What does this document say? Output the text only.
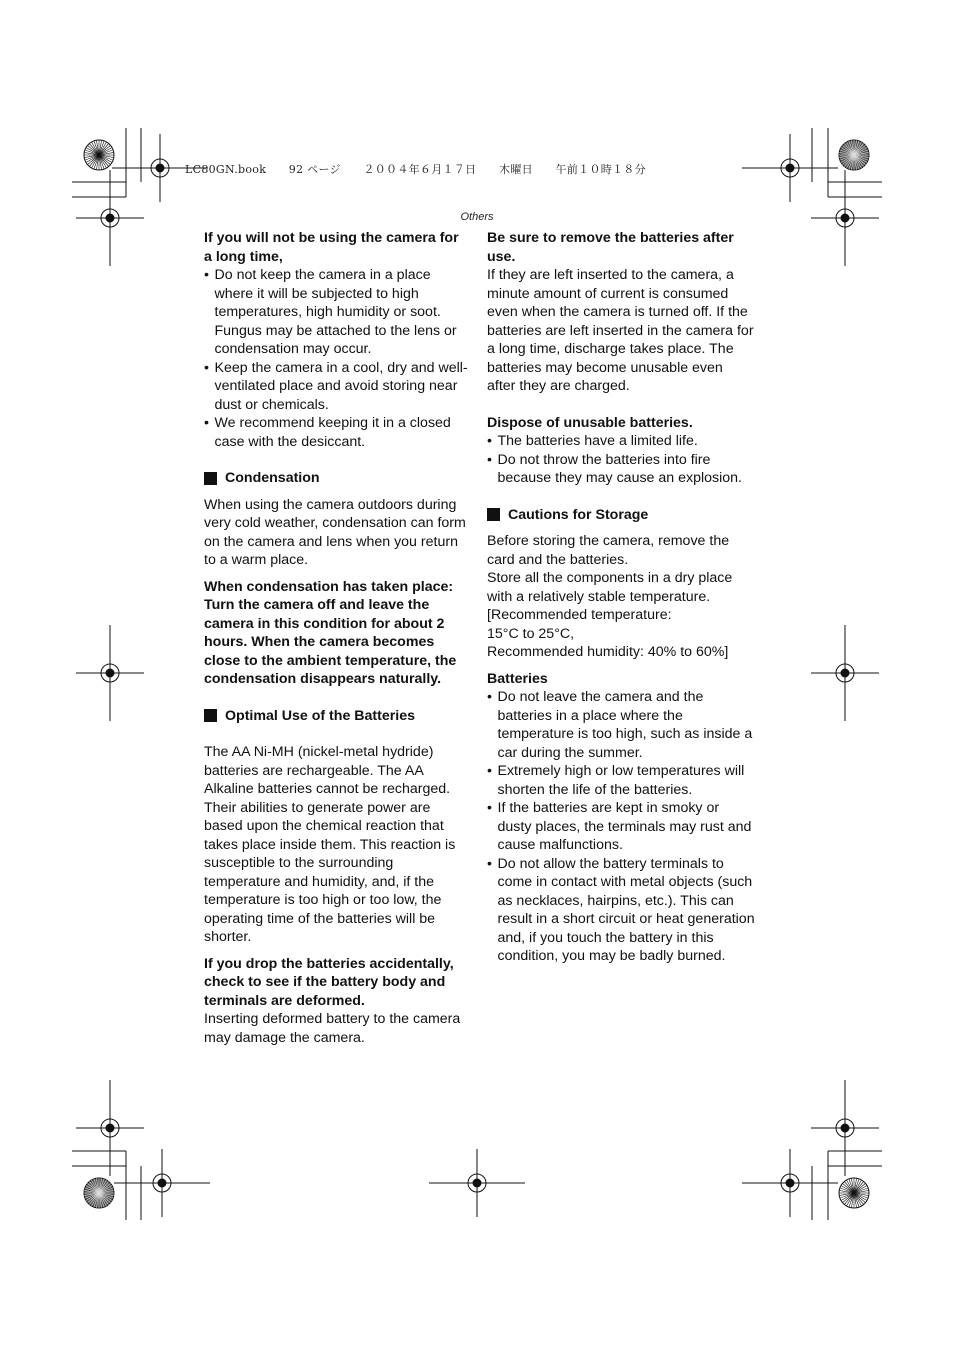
LC80GN.book　　92 ページ　　２００４年６月１７日　　木曜日　　午前１０時１８分
Others

If you will not be using the camera for a long time,

• Do not keep the camera in a place where it will be subjected to high temperatures, high humidity or soot. Fungus may be attached to the lens or condensation may occur.
• Keep the camera in a cool, dry and well-ventilated place and avoid storing near dust or chemicals.
• We recommend keeping it in a closed case with the desiccant.
Condensation

When using the camera outdoors during very cold weather, condensation can form on the camera and lens when you return to a warm place.

When condensation has taken place: Turn the camera off and leave the camera in this condition for about 2 hours. When the camera becomes close to the ambient temperature, the condensation disappears naturally.

Optimal Use of the Batteries

The AA Ni-MH (nickel-metal hydride) batteries are rechargeable. The AA Alkaline batteries cannot be recharged.

Their abilities to generate power are based upon the chemical reaction that takes place inside them. This reaction is susceptible to the surrounding temperature and humidity, and, if the temperature is too high or too low, the operating time of the batteries will be shorter.

If you drop the batteries accidentally, check to see if the battery body and terminals are deformed.

Inserting deformed battery to the camera may damage the camera.

Be sure to remove the batteries after use.

If they are left inserted to the camera, a minute amount of current is consumed even when the camera is turned off. If the batteries are left inserted in the camera for a long time, discharge takes place. The batteries may become unusable even after they are charged.

Dispose of unusable batteries.

• The batteries have a limited life.
• Do not throw the batteries into fire because they may cause an explosion.
Cautions for Storage

Before storing the camera, remove the card and the batteries.

Store all the components in a dry place with a relatively stable temperature.

[Recommended temperature:

15°C to 25°C,

Recommended humidity: 40% to 60%]

Batteries

• Do not leave the camera and the batteries in a place where the temperature is too high, such as inside a car during the summer.
• Extremely high or low temperatures will shorten the life of the batteries.
• If the batteries are kept in smoky or dusty places, the terminals may rust and cause malfunctions.
• Do not allow the battery terminals to come in contact with metal objects (such as necklaces, hairpins, etc.). This can result in a short circuit or heat generation and, if you touch the battery in this condition, you may be badly burned.
